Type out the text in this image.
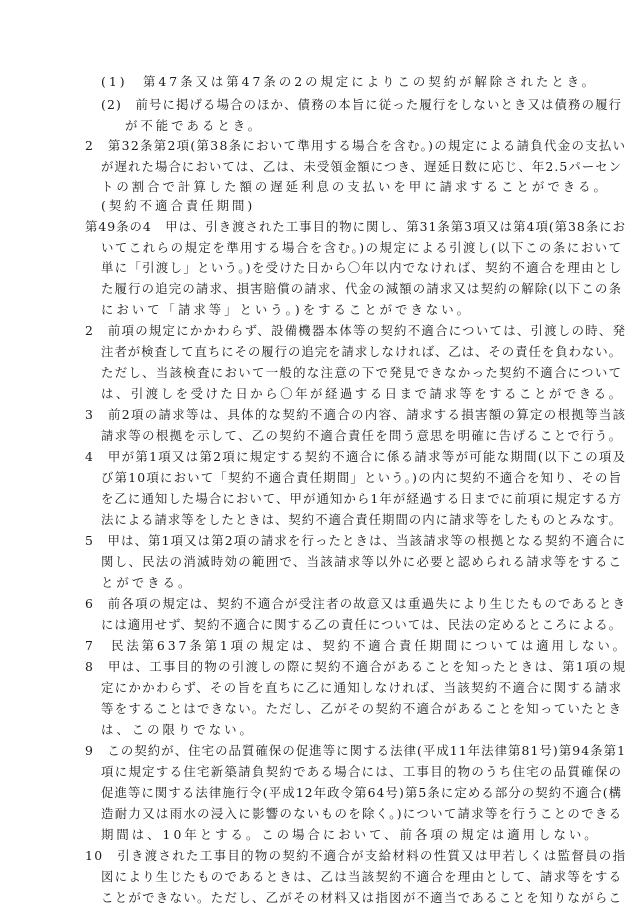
(1)　第47条又は第47条の2の規定によりこの契約が解除されたとき。
(2)　前号に掲げる場合のほか、債務の本旨に従った履行をしないとき又は債務の履行
が不能であるとき。
2　第32条第2項(第38条において準用する場合を含む。)の規定による請負代金の支払い
が遅れた場合においては、乙は、未受領金額につき、遅延日数に応じ、年2.5パーセン
トの割合で計算した額の遅延利息の支払いを甲に請求することができる。
(契約不適合責任期間)
第49条の4　甲は、引き渡された工事目的物に関し、第31条第3項又は第4項(第38条にお
いてこれらの規定を準用する場合を含む。)の規定による引渡し(以下この条において
単に「引渡し」という。)を受けた日から〇年以内でなければ、契約不適合を理由とし
た履行の追完の請求、損害賠償の請求、代金の減額の請求又は契約の解除(以下この条
において「請求等」という。)をすることができない。
2　前項の規定にかかわらず、設備機器本体等の契約不適合については、引渡しの時、発
注者が検査して直ちにその履行の追完を請求しなければ、乙は、その責任を負わない。
ただし、当該検査において一般的な注意の下で発見できなかった契約不適合について
は、引渡しを受けた日から〇年が経過する日まで請求等をすることができる。
3　前2項の請求等は、具体的な契約不適合の内容、請求する損害額の算定の根拠等当該
請求等の根拠を示して、乙の契約不適合責任を問う意思を明確に告げることで行う。
4　甲が第1項又は第2項に規定する契約不適合に係る請求等が可能な期間(以下この項及
び第10項において「契約不適合責任期間」という。)の内に契約不適合を知り、その旨
を乙に通知した場合において、甲が通知から1年が経過する日までに前項に規定する方
法による請求等をしたときは、契約不適合責任期間の内に請求等をしたものとみなす。
5　甲は、第1項又は第2項の請求を行ったときは、当該請求等の根拠となる契約不適合に
関し、民法の消滅時効の範囲で、当該請求等以外に必要と認められる請求等をするこ
とができる。
6　前各項の規定は、契約不適合が受注者の故意又は重過失により生じたものであるとき
には適用せず、契約不適合に関する乙の責任については、民法の定めるところによる。
7　民法第637条第1項の規定は、契約不適合責任期間については適用しない。
8　甲は、工事目的物の引渡しの際に契約不適合があることを知ったときは、第1項の規
定にかかわらず、その旨を直ちに乙に通知しなければ、当該契約不適合に関する請求
等をすることはできない。ただし、乙がその契約不適合があることを知っていたとき
は、この限りでない。
9　この契約が、住宅の品質確保の促進等に関する法律(平成11年法律第81号)第94条第1
項に規定する住宅新築請負契約である場合には、工事目的物のうち住宅の品質確保の
促進等に関する法律施行令(平成12年政令第64号)第5条に定める部分の契約不適合(構
造耐力又は雨水の浸入に影響のないものを除く。)について請求等を行うことのできる
期間は、10年とする。この場合において、前各項の規定は適用しない。
10　引き渡された工事目的物の契約不適合が支給材料の性質又は甲若しくは監督員の指
図により生じたものであるときは、乙は当該契約不適合を理由として、請求等をする
ことができない。ただし、乙がその材料又は指図が不適当であることを知りながらこ
